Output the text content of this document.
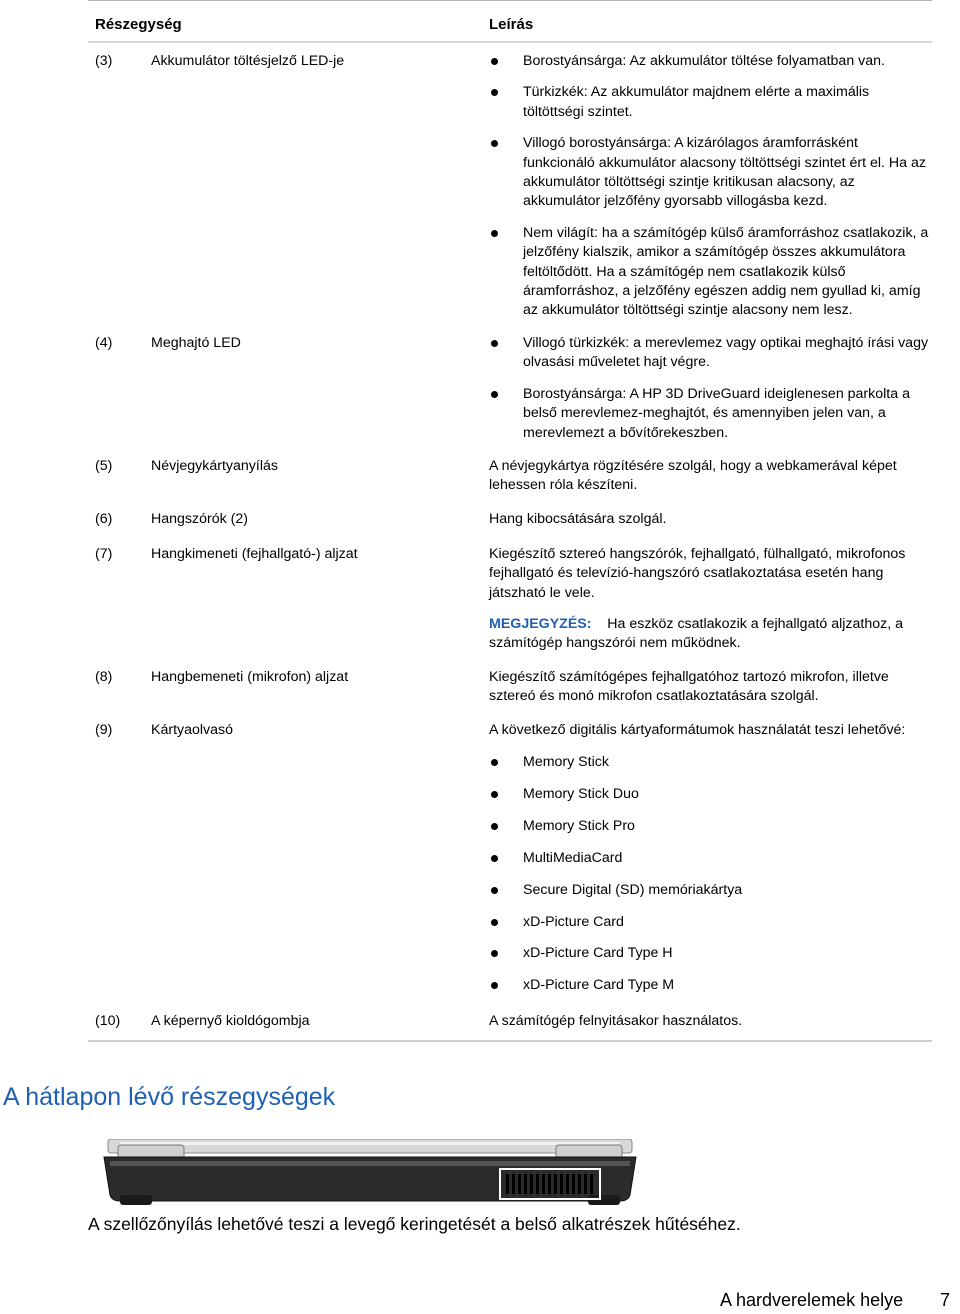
Részegység	Leírás
(3)	Akkumulátor töltésjelző LED-je	Borostyánsárga: Az akkumulátor töltése folyamatban van.
Türkizkék: Az akkumulátor majdnem elérte a maximális töltöttségi szintet.
Villogó borostyánsárga: A kizárólagos áramforrásként funkcionáló akkumulátor alacsony töltöttségi szintet ért el. Ha az akkumulátor töltöttségi szintje kritikusan alacsony, az akkumulátor jelzőfény gyorsabb villogásba kezd.
Nem világít: ha a számítógép külső áramforráshoz csatlakozik, a jelzőfény kialszik, amikor a számítógép összes akkumulátora feltöltődött. Ha a számítógép nem csatlakozik külső áramforráshoz, a jelzőfény egészen addig nem gyullad ki, amíg az akkumulátor töltöttségi szintje alacsony nem lesz.
(4)	Meghajtó LED	Villogó türkizkék: a merevlemez vagy optikai meghajtó írási vagy olvasási műveletet hajt végre.
Borostyánsárga: A HP 3D DriveGuard ideiglenesen parkolta a belső merevlemez-meghajtót, és amennyiben jelen van, a merevlemezt a bővítőrekeszben.
(5)	Névjegykártyanyílás	A névjegykártya rögzítésére szolgál, hogy a webkamerával képet lehessen róla készíteni.
(6)	Hangszórók (2)	Hang kibocsátására szolgál.
(7)	Hangkimeneti (fejhallgató-) aljzat	Kiegészítő sztereó hangszórók, fejhallgató, fülhallgató, mikrofonos fejhallgató és televízió-hangszóró csatlakoztatása esetén hang játszható le vele.
MEGJEGYZÉS: Ha eszköz csatlakozik a fejhallgató aljzathoz, a számítógép hangszórói nem működnek.
(8)	Hangbemeneti (mikrofon) aljzat	Kiegészítő számítógépes fejhallgatóhoz tartozó mikrofon, illetve sztereó és monó mikrofon csatlakoztatására szolgál.
(9)	Kártyaolvasó	A következő digitális kártyaformátumok használatát teszi lehetővé:
Memory Stick
Memory Stick Duo
Memory Stick Pro
MultiMediaCard
Secure Digital (SD) memóriakártya
xD-Picture Card
xD-Picture Card Type H
xD-Picture Card Type M
(10) A képernyő kioldógombja	A számítógép felnyitásakor használatos.
A hátlapon lévő részegységek
A szellőzőnyílás lehetővé teszi a levegő keringetését a belső alkatrészek hűtéséhez.
A hardverelemek helye 7
